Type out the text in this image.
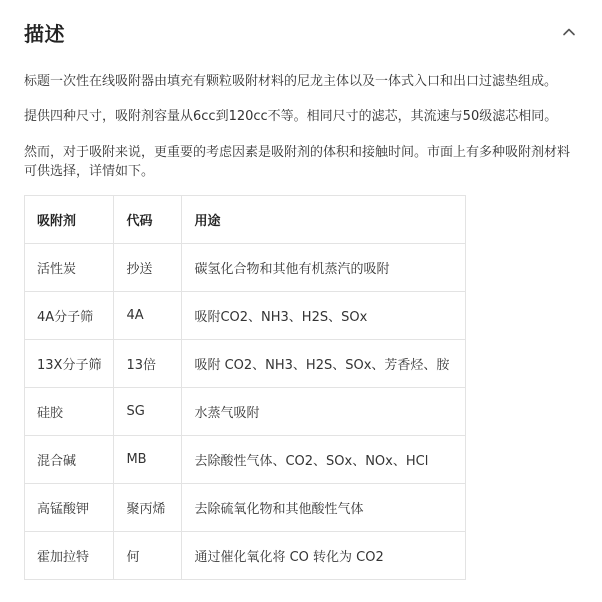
描述
标题一次性在线吸附器由填充有颗粒吸附材料的尼龙主体以及一体式入口和出口过滤垫组成。
提供四种尺寸，吸附剂容量从6cc到120cc不等。相同尺寸的滤芯，其流速与50级滤芯相同。
然而，对于吸附来说，更重要的考虑因素是吸附剂的体积和接触时间。市面上有多种吸附剂材料可供选择，详情如下。
吸附剂	代码	用途
活性炭	抄送	碳氢化合物和其他有机蒸汽的吸附
4A分子筛	4A	吸附CO2、NH3、H2S、SOx
13X分子筛	13倍	吸附 CO2、NH3、H2S、SOx、芳香烃、胺
硅胶	SG	水蒸气吸附
混合碱	MB	去除酸性气体、CO2、SOx、NOx、HCl
高锰酸钾	聚丙烯	去除硫氧化物和其他酸性气体
霍加拉特	何	通过催化氧化将 CO 转化为 CO2
